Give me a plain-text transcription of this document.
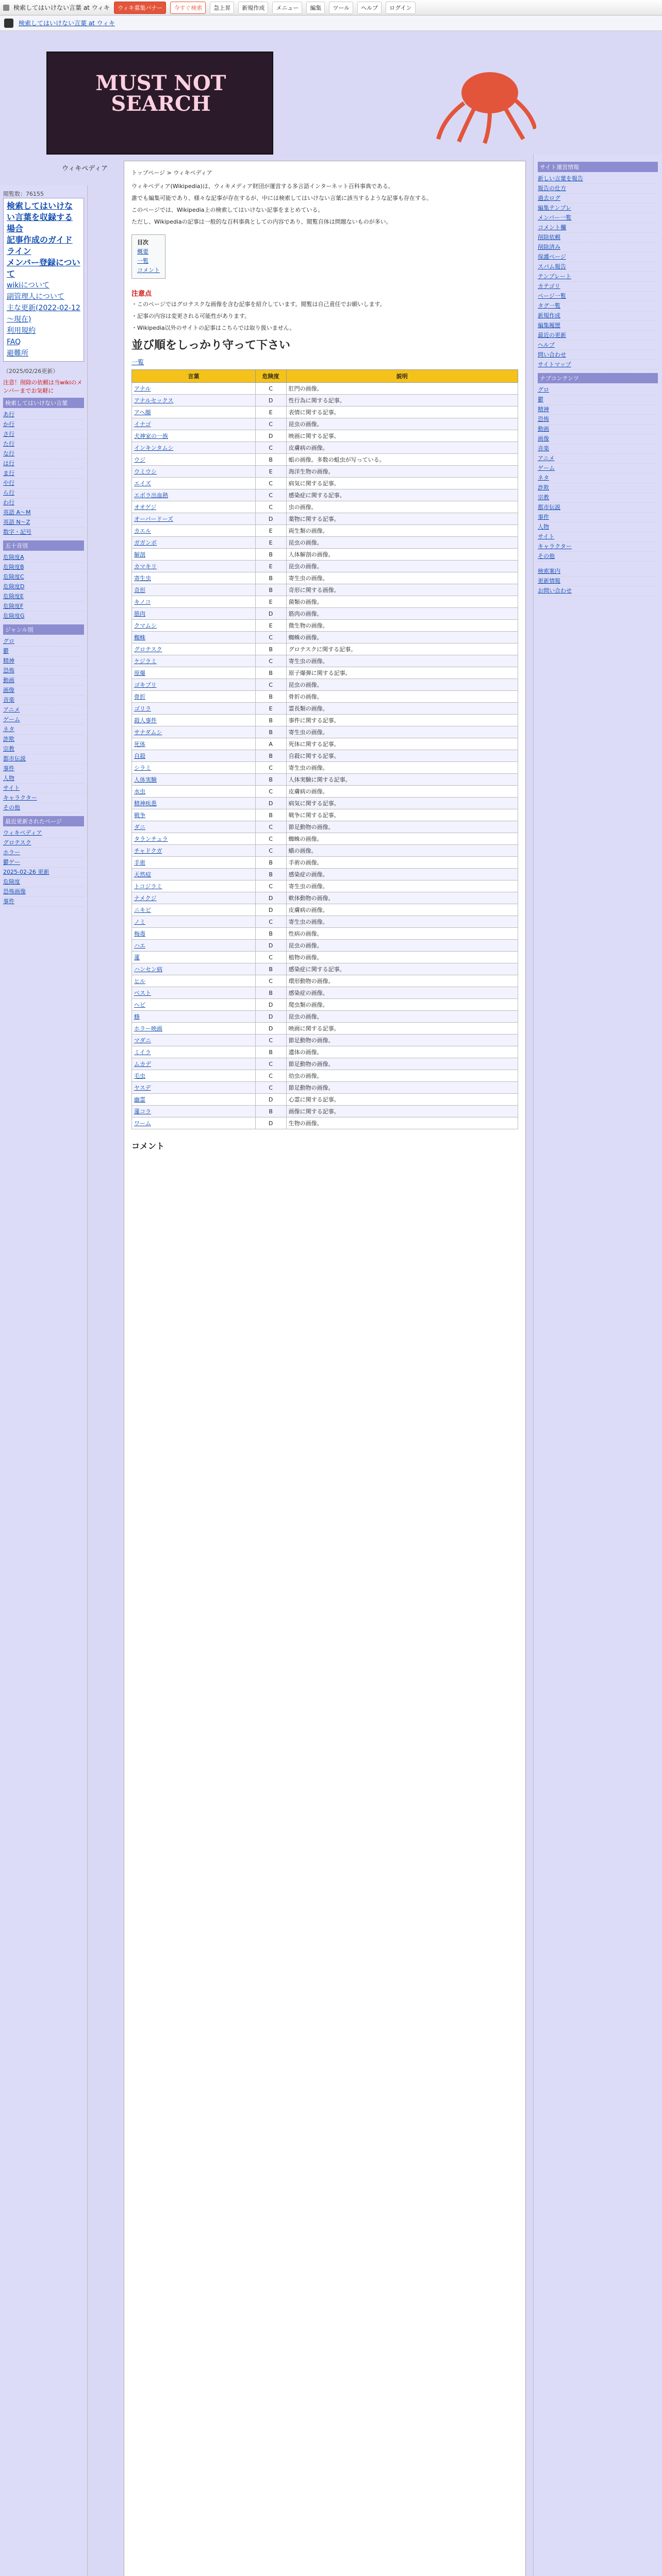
検索してはいけない言葉 at ウィキ	ウィキ募集バナー	今すぐ検索	急上昇	新規作成	メニュー	編集	ツール	ヘルプ	ログイン
検索してはいけない言葉 at ウィキ
MUST NOT SEARCH
ウィキペディア
閲覧数：76155
検索してはいけない言葉を収録する場合
記事作成のガイドライン
メンバー登録について
wikiについて
副管理人について
主な更新(2022-02-12～現在)
利用規約
FAQ
避難所
（2025/02/26更新）
注意！削除の依頼は当wikiのメンバーまでお気軽に
検索してはいけない言葉
あ行
か行
さ行
た行
な行
は行
ま行
や行
ら行
わ行
英語 A〜M
英語 N〜Z
数字・記号
五十音別
危険度A
危険度B
危険度C
危険度D
危険度E
危険度F
危険度G
ジャンル別
グロ
鬱
精神
恐怖
動画
画像
音楽
アニメ
ゲーム
ネタ
詐欺
宗教
都市伝説
事件
人物
サイト
キャラクター
その他
最近更新されたページ
ウィキペディア
グロテスク
ホラー
鬱ゲー
2025-02-26 更新
危険度
恐怖画像
事件
トップページ > ウィキペディア

ウィキペディア(Wikipedia)は、ウィキメディア財団が運営する多言語インターネット百科事典である。

誰でも編集可能であり、様々な記事が存在するが、中には検索してはいけない言葉に該当するような記事も存在する。

このページでは、Wikipedia上の検索してはいけない記事をまとめている。

ただし、Wikipediaの記事は一般的な百科事典としての内容であり、閲覧自体は問題ないものが多い。

目次
概要
一覧
コメント
注意点
・このページではグロテスクな画像を含む記事を紹介しています。閲覧は自己責任でお願いします。
・記事の内容は変更される可能性があります。
・Wikipedia以外のサイトの記事はこちらでは取り扱いません。
並び順をしっかり守って下さい
一覧
言葉	危険度	説明
アナル	C	肛門の画像。
アナルセックス	D	性行為に関する記事。
アヘ顔	E	表情に関する記事。
イナゴ	C	昆虫の画像。
犬神家の一族	D	映画に関する記事。
インキンタムシ	C	皮膚病の画像。
ウジ	B	蛆の画像。多数の蛆虫が写っている。
ウミウシ	E	海洋生物の画像。
エイズ	C	病気に関する記事。
エボラ出血熱	C	感染症に関する記事。
オオゲジ	C	虫の画像。
オーバードーズ	D	薬物に関する記事。
カエル	E	両生類の画像。
ガガンボ	E	昆虫の画像。
解剖	B	人体解剖の画像。
カマキリ	E	昆虫の画像。
寄生虫	B	寄生虫の画像。
奇形	B	奇形に関する画像。
キノコ	E	菌類の画像。
筋肉	D	筋肉の画像。
クマムシ	E	微生物の画像。
蜘蛛	C	蜘蛛の画像。
グロテスク	B	グロテスクに関する記事。
ケジラミ	C	寄生虫の画像。
原爆	B	原子爆弾に関する記事。
ゴキブリ	C	昆虫の画像。
骨折	B	骨折の画像。
ゴリラ	E	霊長類の画像。
殺人事件	B	事件に関する記事。
サナダムシ	B	寄生虫の画像。
死体	A	死体に関する記事。
自殺	B	自殺に関する記事。
シラミ	C	寄生虫の画像。
人体実験	B	人体実験に関する記事。
水虫	C	皮膚病の画像。
精神疾患	D	病気に関する記事。
戦争	B	戦争に関する記事。
ダニ	C	節足動物の画像。
タランチュラ	C	蜘蛛の画像。
チャドクガ	C	蛾の画像。
手術	B	手術の画像。
天然痘	B	感染症の画像。
トコジラミ	C	寄生虫の画像。
ナメクジ	D	軟体動物の画像。
ニキビ	D	皮膚病の画像。
ノミ	C	寄生虫の画像。
梅毒	B	性病の画像。
ハエ	D	昆虫の画像。
蓮	C	植物の画像。
ハンセン病	B	感染症に関する記事。
ヒル	C	環形動物の画像。
ペスト	B	感染症の画像。
ヘビ	D	爬虫類の画像。
蜂	D	昆虫の画像。
ホラー映画	D	映画に関する記事。
マダニ	C	節足動物の画像。
ミイラ	B	遺体の画像。
ムカデ	C	節足動物の画像。
毛虫	C	幼虫の画像。
ヤスデ	C	節足動物の画像。
幽霊	D	心霊に関する記事。
蓮コラ	B	画像に関する記事。
ワーム	D	生物の画像。
コメント
サイト運営情報
新しい言葉を報告
報告の仕方
過去ログ
編集テンプレ
メンバー一覧
コメント欄
削除依頼
削除済み
保護ページ
スパム報告
テンプレート
カテゴリ
ページ一覧
タグ一覧
新規作成
編集履歴
最近の更新
ヘルプ
問い合わせ
サイトマップ
ナブコンテンツ
グロ
鬱
精神
恐怖
動画
画像
音楽
アニメ
ゲーム
ネタ
詐欺
宗教
都市伝説
事件
人物
サイト
キャラクター
その他
検索案内
更新情報
お問い合わせ
